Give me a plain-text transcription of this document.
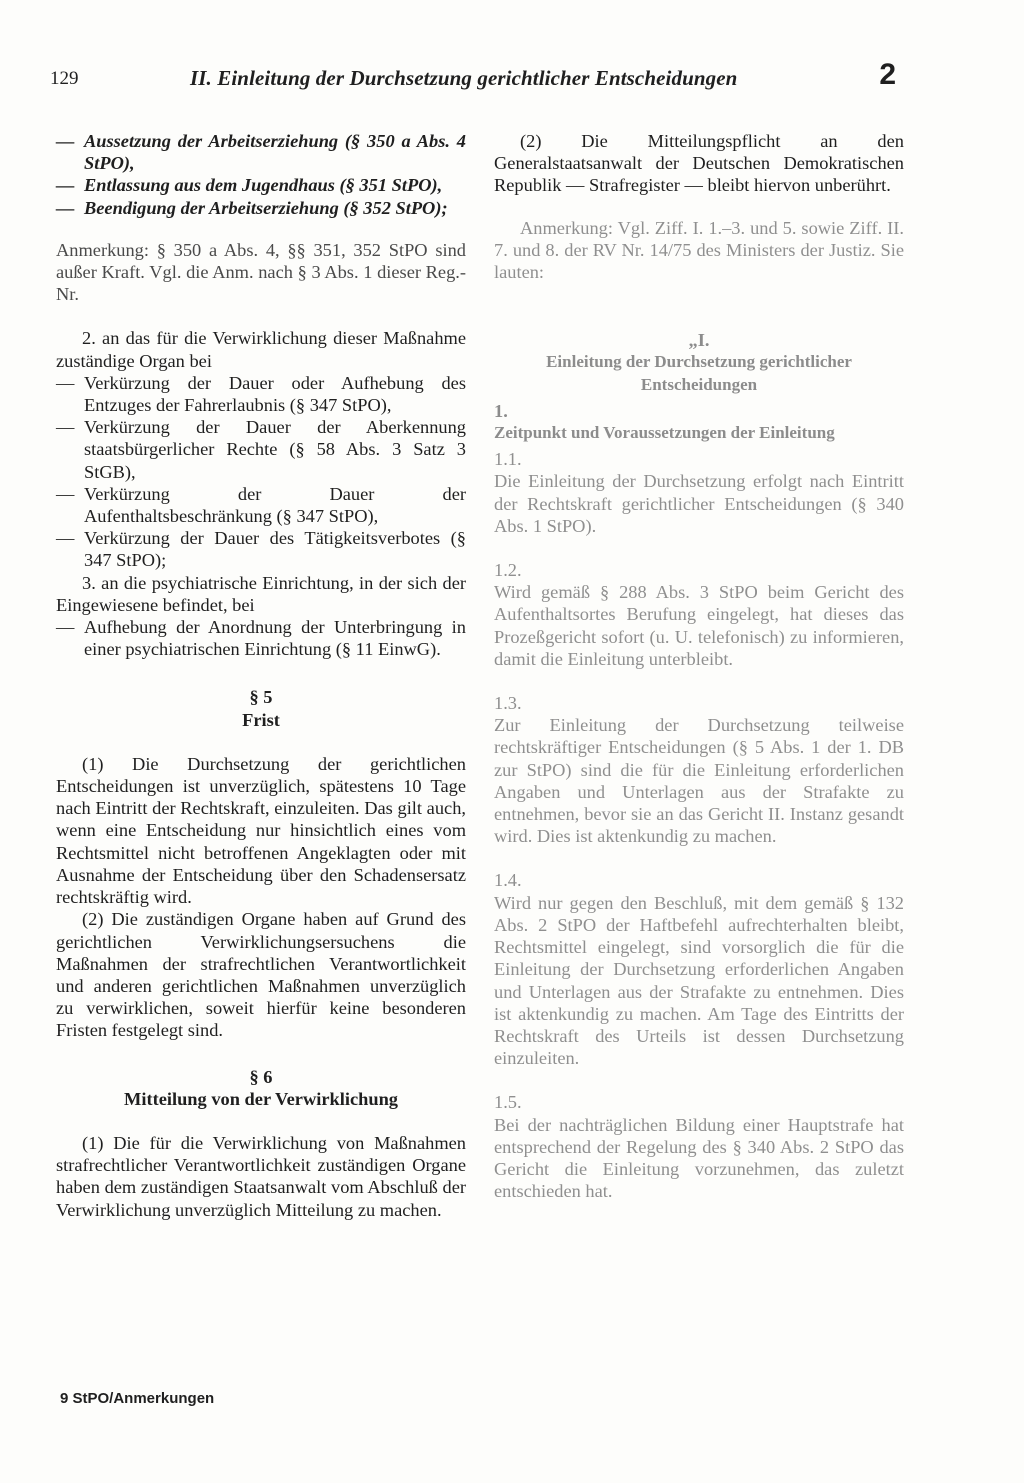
129	II. Einleitung der Durchsetzung gerichtlicher Entscheidungen	2
— Aussetzung der Arbeitserziehung (§ 350 a Abs. 4 StPO),
— Entlassung aus dem Jugendhaus (§ 351 StPO),
— Beendigung der Arbeitserziehung (§ 352 StPO);

Anmerkung: § 350 a Abs. 4, §§ 351, 352 StPO sind außer Kraft. Vgl. die Anm. nach § 3 Abs. 1 dieser Reg.-Nr.

2. an das für die Verwirklichung dieser Maßnahme zuständige Organ bei

— Verkürzung der Dauer oder Aufhebung des Entzuges der Fahrerlaubnis (§ 347 StPO),
— Verkürzung der Dauer der Aberkennung staatsbürgerlicher Rechte (§ 58 Abs. 3 Satz 3 StGB),
— Verkürzung der Dauer der Aufenthaltsbeschränkung (§ 347 StPO),
— Verkürzung der Dauer des Tätigkeitsverbotes (§ 347 StPO);

3. an die psychiatrische Einrichtung, in der sich der Eingewiesene befindet, bei

— Aufhebung der Anordnung der Unterbringung in einer psychiatrischen Einrichtung (§ 11 EinwG).

§ 5

Frist

(1) Die Durchsetzung der gerichtlichen Entscheidungen ist unverzüglich, spätestens 10 Tage nach Eintritt der Rechtskraft, einzuleiten. Das gilt auch, wenn eine Entscheidung nur hinsichtlich eines vom Rechtsmittel nicht betroffenen Angeklagten oder mit Ausnahme der Entscheidung über den Schadensersatz rechtskräftig wird.

(2) Die zuständigen Organe haben auf Grund des gerichtlichen Verwirklichungsersuchens die Maßnahmen der strafrechtlichen Verantwortlichkeit und anderen gerichtlichen Maßnahmen unverzüglich zu verwirklichen, soweit hierfür keine besonderen Fristen festgelegt sind.

§ 6

Mitteilung von der Verwirklichung

(1) Die für die Verwirklichung von Maßnahmen strafrechtlicher Verantwortlichkeit zuständigen Organe haben dem zuständigen Staatsanwalt vom Abschluß der Verwirklichung unverzüglich Mitteilung zu machen.

(2) Die Mitteilungspflicht an den Generalstaatsanwalt der Deutschen Demokratischen Republik — Strafregister — bleibt hiervon unberührt.

Anmerkung: Vgl. Ziff. I. 1.–3. und 5. sowie Ziff. II. 7. und 8. der RV Nr. 14/75 des Ministers der Justiz. Sie lauten:

„I.

Einleitung der Durchsetzung gerichtlicher Entscheidungen

1.

Zeitpunkt und Voraussetzungen der Einleitung

1.1.

Die Einleitung der Durchsetzung erfolgt nach Eintritt der Rechtskraft gerichtlicher Entscheidungen (§ 340 Abs. 1 StPO).

1.2.

Wird gemäß § 288 Abs. 3 StPO beim Gericht des Aufenthaltsortes Berufung eingelegt, hat dieses das Prozeßgericht sofort (u. U. telefonisch) zu informieren, damit die Einleitung unterbleibt.

1.3.

Zur Einleitung der Durchsetzung teilweise rechtskräftiger Entscheidungen (§ 5 Abs. 1 der 1. DB zur StPO) sind die für die Einleitung erforderlichen Angaben und Unterlagen aus der Strafakte zu entnehmen, bevor sie an das Gericht II. Instanz gesandt wird. Dies ist aktenkundig zu machen.

1.4.

Wird nur gegen den Beschluß, mit dem gemäß § 132 Abs. 2 StPO der Haftbefehl aufrechterhalten bleibt, Rechtsmittel eingelegt, sind vorsorglich die für die Einleitung der Durchsetzung erforderlichen Angaben und Unterlagen aus der Strafakte zu entnehmen. Dies ist aktenkundig zu machen. Am Tage des Eintritts der Rechtskraft des Urteils ist dessen Durchsetzung einzuleiten.

1.5.

Bei der nachträglichen Bildung einer Hauptstrafe hat entsprechend der Regelung des § 340 Abs. 2 StPO das Gericht die Einleitung vorzunehmen, das zuletzt entschieden hat.

9 StPO/Anmerkungen
